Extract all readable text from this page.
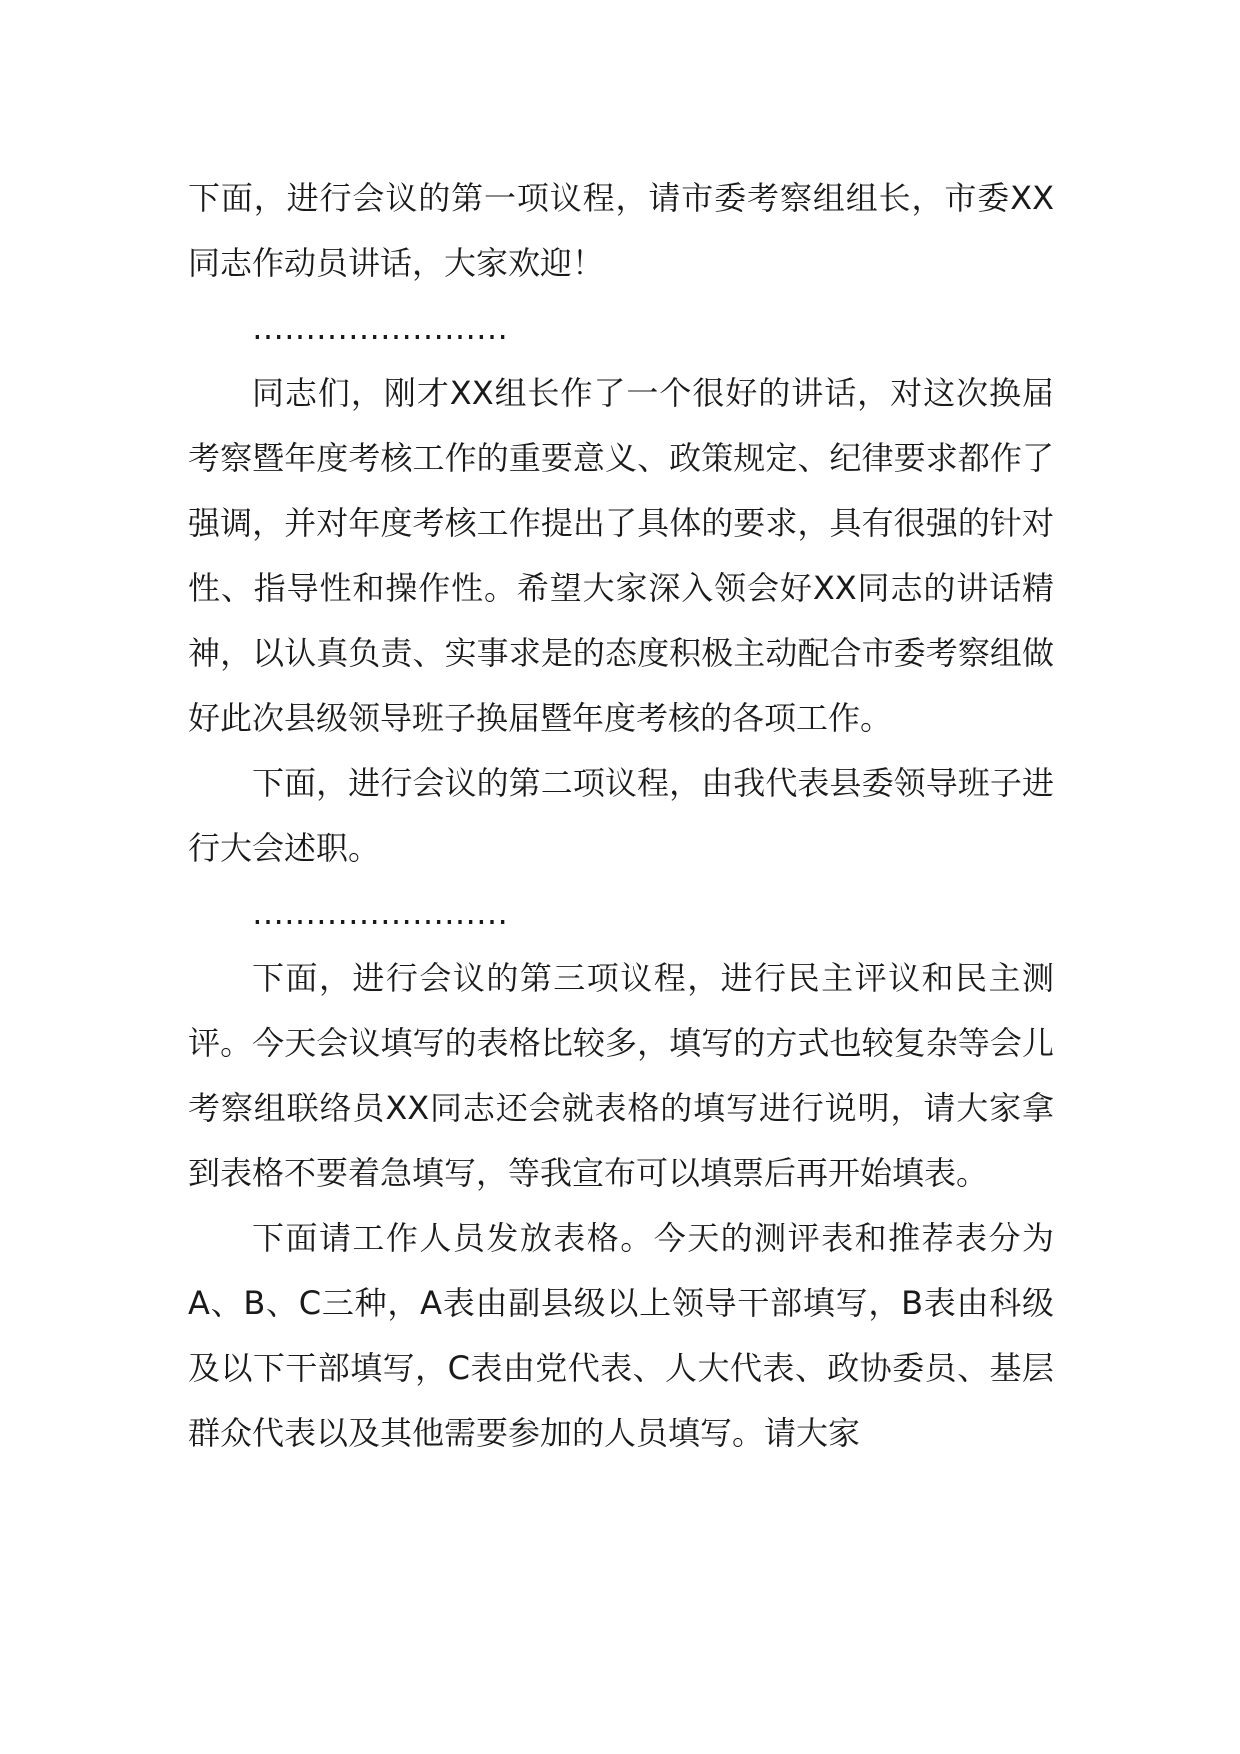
下面，进行会议的第一项议程，请市委考察组组长，市委XX同志作动员讲话，大家欢迎！

……………………

同志们，刚才XX组长作了一个很好的讲话，对这次换届考察暨年度考核工作的重要意义、政策规定、纪律要求都作了强调，并对年度考核工作提出了具体的要求，具有很强的针对性、指导性和操作性。希望大家深入领会好XX同志的讲话精神，以认真负责、实事求是的态度积极主动配合市委考察组做好此次县级领导班子换届暨年度考核的各项工作。

下面，进行会议的第二项议程，由我代表县委领导班子进行大会述职。

……………………

下面，进行会议的第三项议程，进行民主评议和民主测评。今天会议填写的表格比较多，填写的方式也较复杂等会儿考察组联络员XX同志还会就表格的填写进行说明，请大家拿到表格不要着急填写，等我宣布可以填票后再开始填表。

下面请工作人员发放表格。今天的测评表和推荐表分为A、B、C三种，A表由副县级以上领导干部填写，B表由科级及以下干部填写，C表由党代表、人大代表、政协委员、基层群众代表以及其他需要参加的人员填写。请大家
